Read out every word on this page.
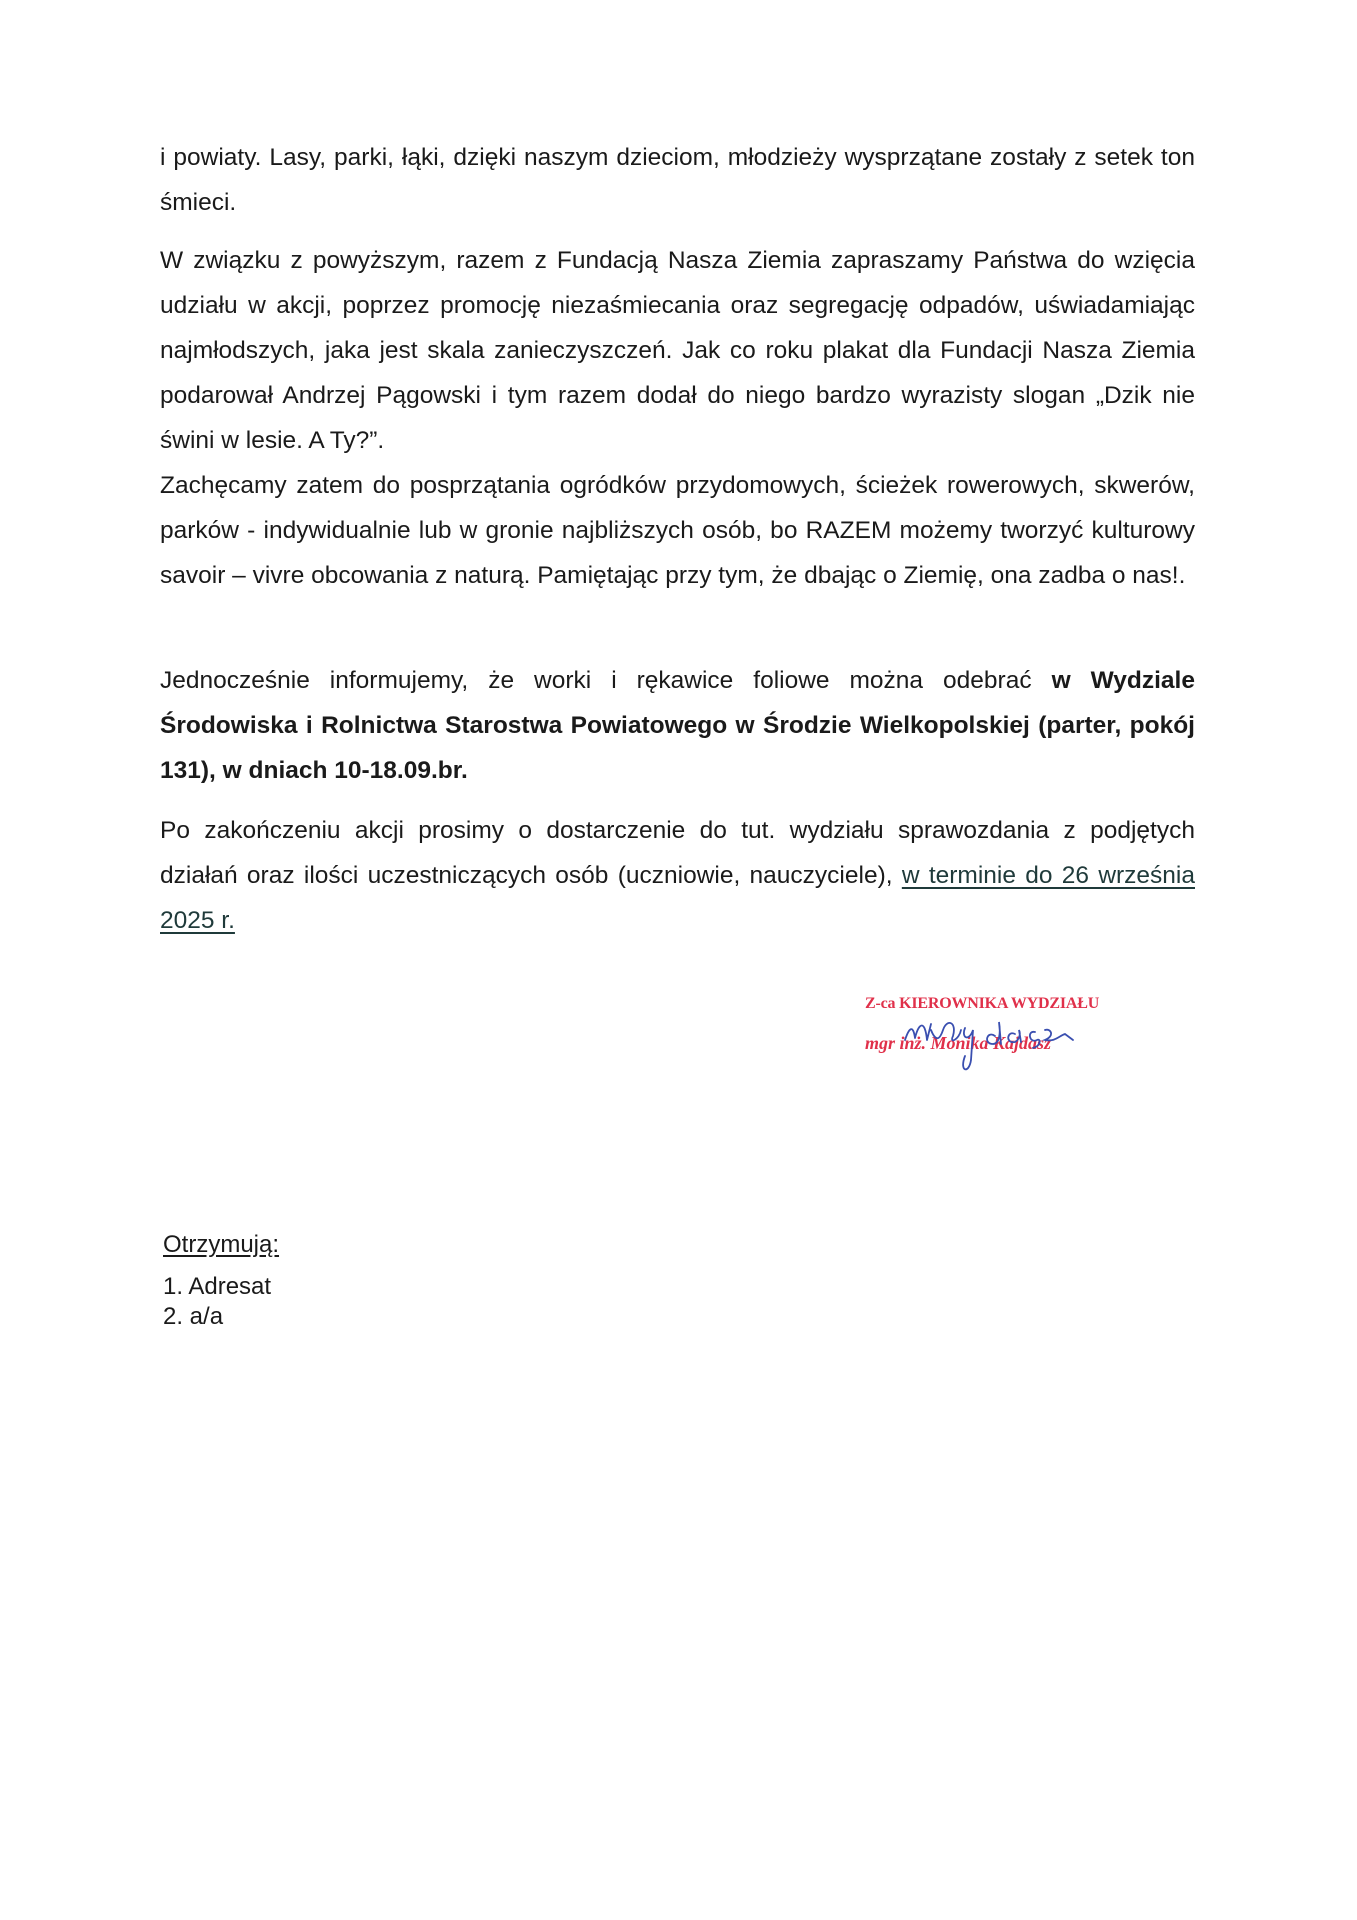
i powiaty. Lasy, parki, łąki, dzięki naszym dzieciom, młodzieży wysprzątane zostały z setek ton śmieci.

W związku z powyższym, razem z Fundacją Nasza Ziemia zapraszamy Państwa do wzięcia udziału w akcji, poprzez promocję niezaśmiecania oraz segregację odpadów, uświadamiając najmłodszych, jaka jest skala zanieczyszczeń. Jak co roku plakat dla Fundacji Nasza Ziemia podarował Andrzej Pągowski i tym razem dodał do niego bardzo wyrazisty slogan „Dzik nie świni w lesie. A Ty?”.

Zachęcamy zatem do posprzątania ogródków przydomowych, ścieżek rowerowych, skwerów, parków - indywidualnie lub w gronie najbliższych osób, bo RAZEM możemy tworzyć kulturowy savoir – vivre obcowania z naturą. Pamiętając przy tym, że dbając o Ziemię, ona zadba o nas!.

Jednocześnie informujemy, że worki i rękawice foliowe można odebrać w Wydziale Środowiska i Rolnictwa Starostwa Powiatowego w Środzie Wielkopolskiej (parter, pokój 131), w dniach 10-18.09.br.

Po zakończeniu akcji prosimy o dostarczenie do tut. wydziału sprawozdania z podjętych działań oraz ilości uczestniczących osób (uczniowie, nauczyciele), w terminie do 26 września 2025 r.

Z-ca KIEROWNIKA WYDZIAŁU
mgr inż. Monika Kajdasz
Otrzymują:

1. Adresat

2. a/a
